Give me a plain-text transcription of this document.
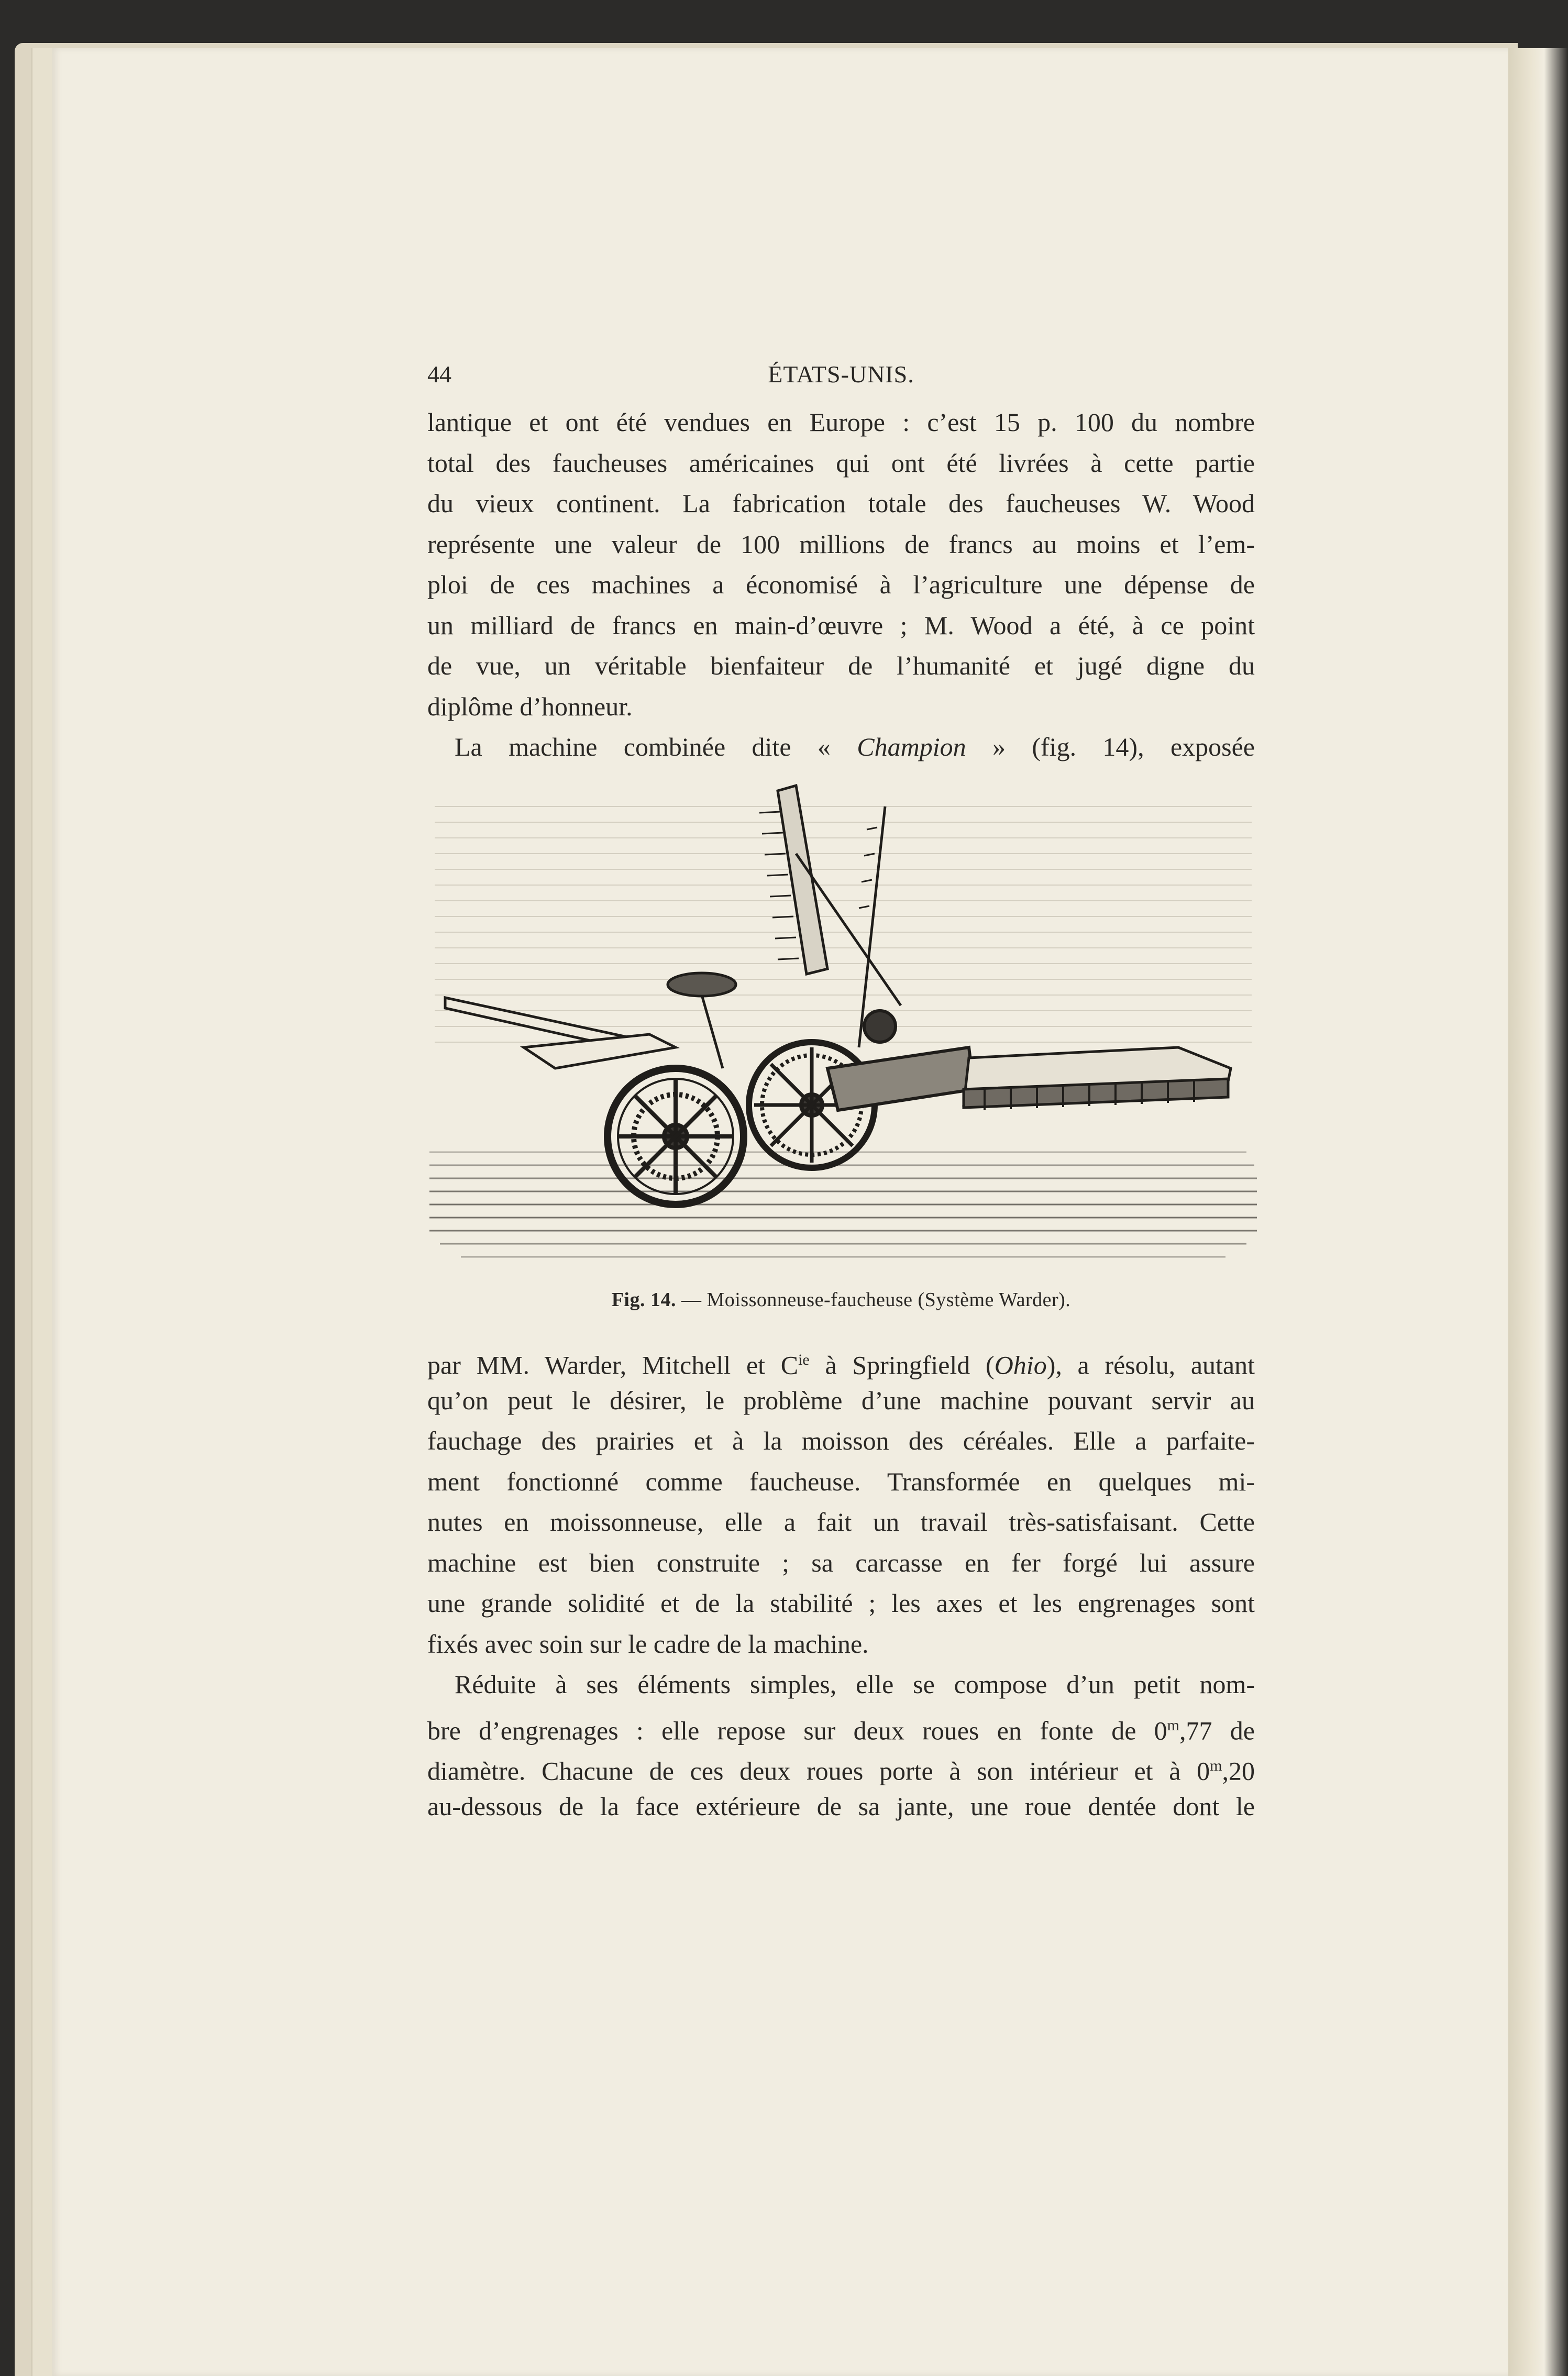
44	ÉTATS-UNIS.
lantique et ont été vendues en Europe : c’est 15 p. 100 du nombre
total des faucheuses américaines qui ont été livrées à cette partie
du vieux continent. La fabrication totale des faucheuses W. Wood
représente une valeur de 100 millions de francs au moins et l’em-
ploi de ces machines a économisé à l’agriculture une dépense de
un milliard de francs en main-d’œuvre ; M. Wood a été, à ce point
de vue, un véritable bienfaiteur de l’humanité et jugé digne du
diplôme d’honneur.
La machine combinée dite « Champion » (fig. 14), exposée
Fig. 14. — Moissonneuse-faucheuse (Système Warder).
par MM. Warder, Mitchell et $C^{ie}$ à Springfield (Ohio), a résolu, autant
qu’on peut le désirer, le problème d’une machine pouvant servir au
fauchage des prairies et à la moisson des céréales. Elle a parfaite-
ment fonctionné comme faucheuse. Transformée en quelques mi-
nutes en moissonneuse, elle a fait un travail très-satisfaisant. Cette
machine est bien construite ; sa carcasse en fer forgé lui assure
une grande solidité et de la stabilité ; les axes et les engrenages sont
fixés avec soin sur le cadre de la machine.
Réduite à ses éléments simples, elle se compose d’un petit nom-
bre d’engrenages : elle repose sur deux roues en fonte de 0$^m$,77 de
diamètre. Chacune de ces deux roues porte à son intérieur et à 0$^m$,20
au-dessous de la face extérieure de sa jante, une roue dentée dont le
